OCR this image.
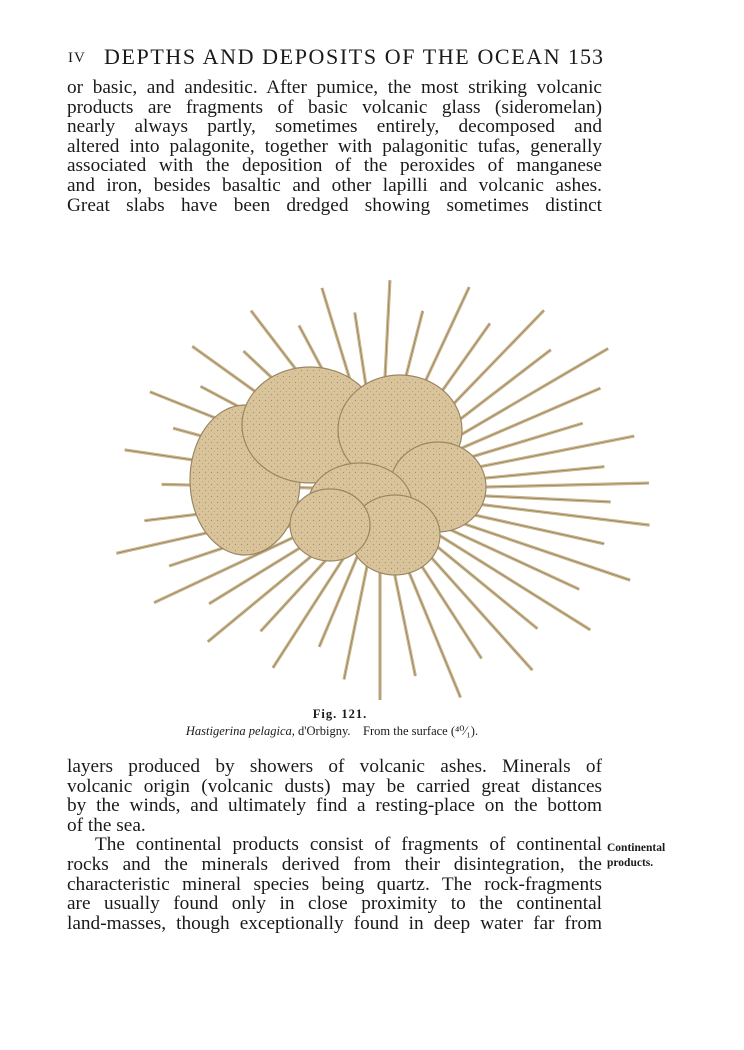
IV DEPTHS AND DEPOSITS OF THE OCEAN 153
or basic, and andesitic. After pumice, the most striking volcanic
products are fragments of basic volcanic glass (sideromelan)
nearly always partly, sometimes entirely, decomposed and
altered into palagonite, together with palagonitic tufas, generally
associated with the deposition of the peroxides of manganese
and iron, besides basaltic and other lapilli and volcanic ashes.
Great slabs have been dredged showing sometimes distinct
Fig. 121.
Hastigerina pelagica, d'Orbigny. From the surface (⁴⁰⁄₁).
layers produced by showers of volcanic ashes. Minerals of
volcanic origin (volcanic dusts) may be carried great distances
by the winds, and ultimately find a resting-place on the bottom
of the sea.
The continental products consist of fragments of continental
rocks and the minerals derived from their disintegration, the
characteristic mineral species being quartz. The rock-fragments
are usually found only in close proximity to the continental
land-masses, though exceptionally found in deep water far from
Continental
products.
